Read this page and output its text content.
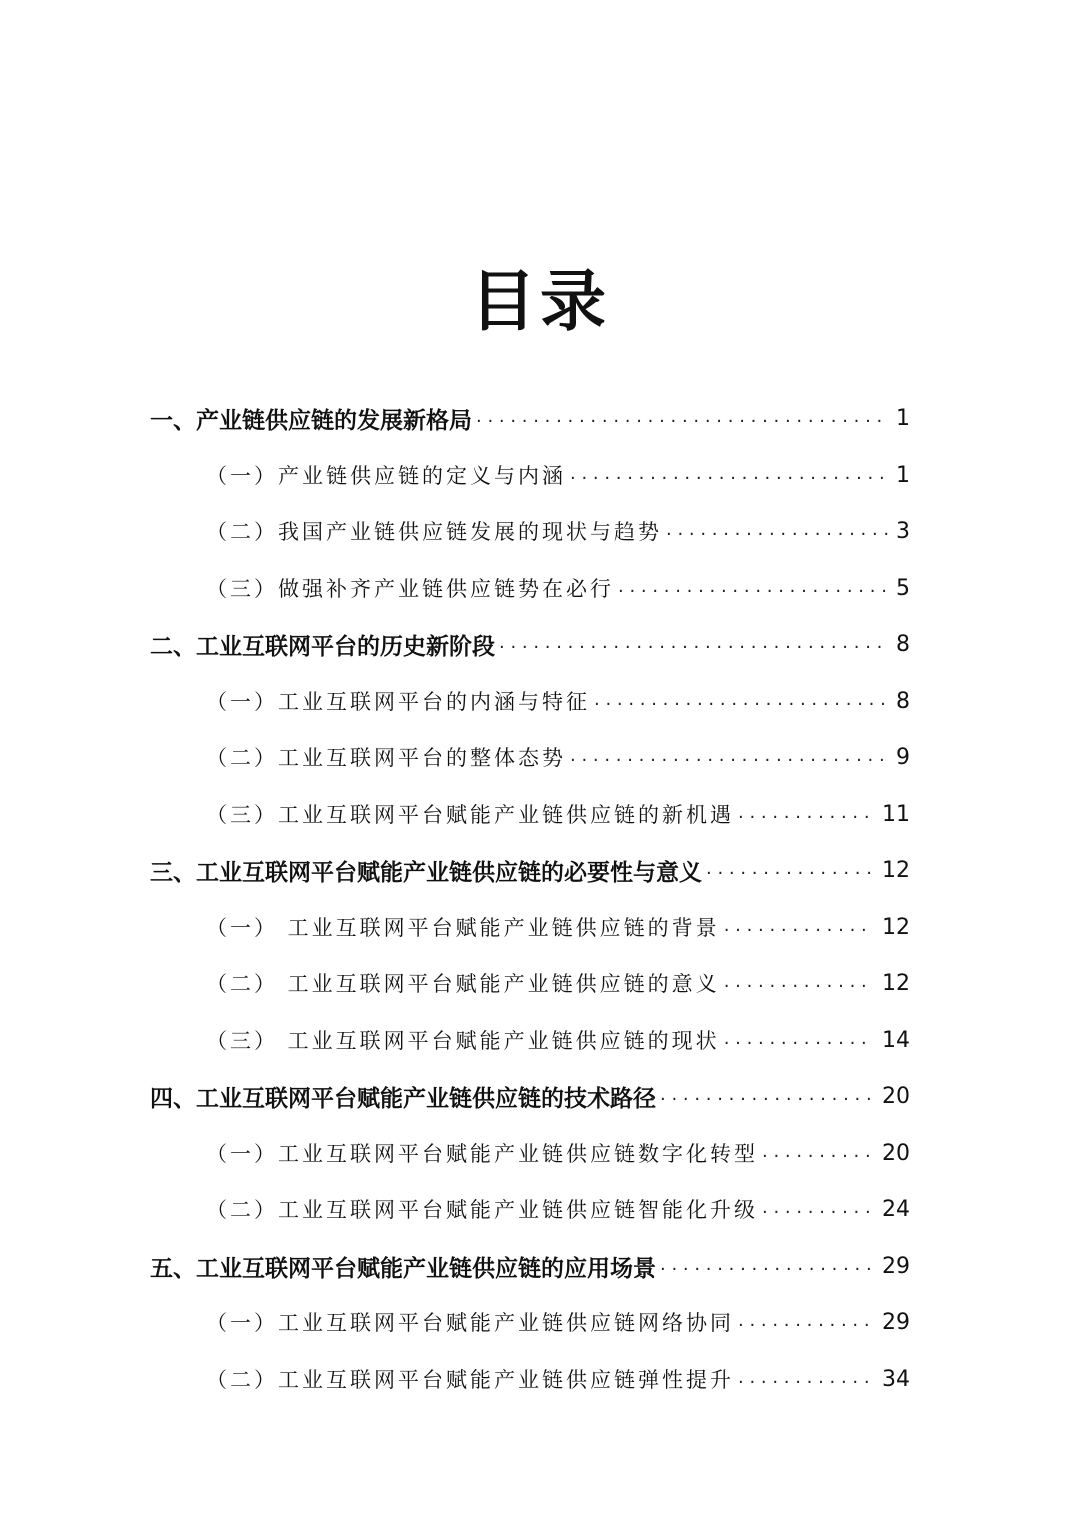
目录
一、产业链供应链的发展新格局 . . .	1
（一）产业链供应链的定义与内涵 . . .	1
（二）我国产业链供应链发展的现状与趋势 . . .	3
（三）做强补齐产业链供应链势在必行 . . .	5
二、工业互联网平台的历史新阶段 . . .	8
（一）工业互联网平台的内涵与特征 . . .	8
（二）工业互联网平台的整体态势 . . .	9
（三）工业互联网平台赋能产业链供应链的新机遇 . . .	11
三、工业互联网平台赋能产业链供应链的必要性与意义 . . .	12
（一） 工业互联网平台赋能产业链供应链的背景 . . .	12
（二） 工业互联网平台赋能产业链供应链的意义 . . .	12
（三） 工业互联网平台赋能产业链供应链的现状 . . .	14
四、工业互联网平台赋能产业链供应链的技术路径 . . .	20
（一）工业互联网平台赋能产业链供应链数字化转型 . . .	20
（二）工业互联网平台赋能产业链供应链智能化升级 . . .	24
五、工业互联网平台赋能产业链供应链的应用场景 . . .	29
（一）工业互联网平台赋能产业链供应链网络协同 . . .	29
（二）工业互联网平台赋能产业链供应链弹性提升 . . .	34
